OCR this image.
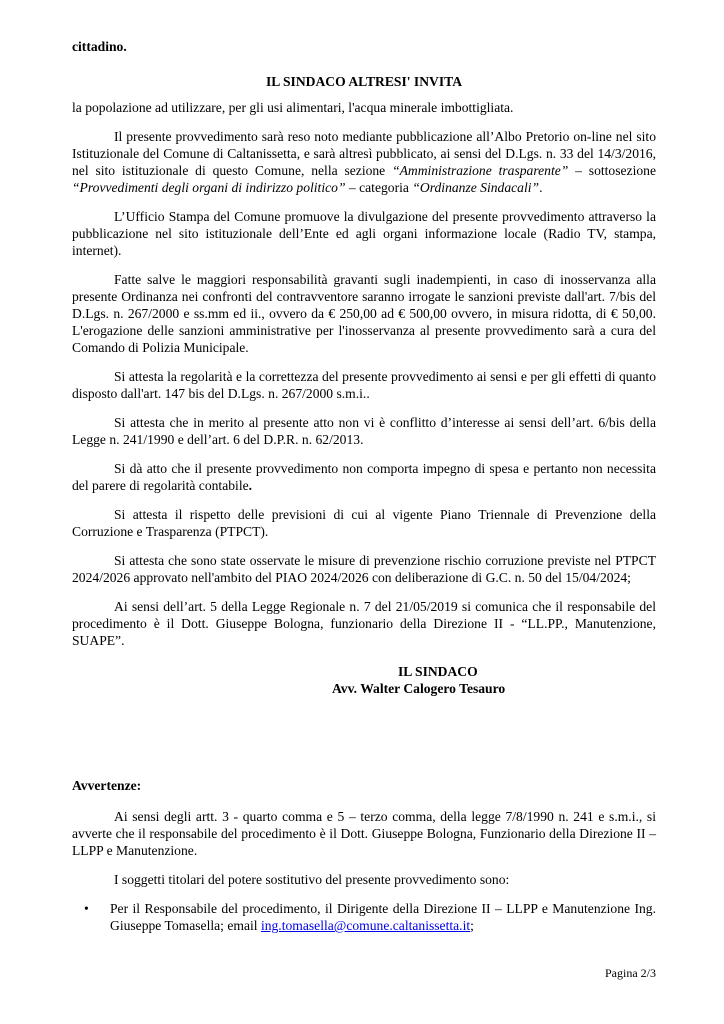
cittadino.
IL SINDACO ALTRESI' INVITA
la popolazione ad utilizzare, per gli usi alimentari, l'acqua minerale imbottigliata.
Il presente provvedimento sarà reso noto mediante pubblicazione all’Albo Pretorio on-line nel sito Istituzionale del Comune di Caltanissetta, e sarà altresì pubblicato, ai sensi del D.Lgs. n. 33 del 14/3/2016, nel sito istituzionale di questo Comune, nella sezione “Amministrazione trasparente” – sottosezione “Provvedimenti degli organi di indirizzo politico” – categoria “Ordinanze Sindacali”.
L’Ufficio Stampa del Comune promuove la divulgazione del presente provvedimento attraverso la pubblicazione nel sito istituzionale dell’Ente ed agli organi informazione locale (Radio TV, stampa, internet).
Fatte salve le maggiori responsabilità gravanti sugli inadempienti, in caso di inosservanza alla presente Ordinanza nei confronti del contravventore saranno irrogate le sanzioni previste dall'art. 7/bis del D.Lgs. n. 267/2000 e ss.mm ed ii., ovvero da € 250,00 ad € 500,00 ovvero, in misura ridotta, di € 50,00. L'erogazione delle sanzioni amministrative per l'inosservanza al presente provvedimento sarà a cura del Comando di Polizia Municipale.
Si attesta la regolarità e la correttezza del presente provvedimento ai sensi e per gli effetti di quanto disposto dall'art. 147 bis del D.Lgs. n. 267/2000 s.m.i..
Si attesta che in merito al presente atto non vi è conflitto d’interesse ai sensi dell’art. 6/bis della Legge n. 241/1990 e dell’art. 6 del D.P.R. n. 62/2013.
Si dà atto che il presente provvedimento non comporta impegno di spesa e pertanto non necessita del parere di regolarità contabile.
Si attesta il rispetto delle previsioni di cui al vigente Piano Triennale di Prevenzione della Corruzione e Trasparenza (PTPCT).
Si attesta che sono state osservate le misure di prevenzione rischio corruzione previste nel PTPCT 2024/2026 approvato nell'ambito del PIAO 2024/2026 con deliberazione di G.C. n. 50 del 15/04/2024;
Ai sensi dell’art. 5 della Legge Regionale n. 7 del 21/05/2019 si comunica che il responsabile del procedimento è il Dott. Giuseppe Bologna, funzionario della Direzione II - “LL.PP., Manutenzione, SUAPE”.
IL SINDACO
Avv. Walter Calogero Tesauro
Avvertenze:
Ai sensi degli artt. 3 - quarto comma e 5 – terzo comma, della legge 7/8/1990 n. 241 e s.m.i., si avverte che il responsabile del procedimento è il Dott. Giuseppe Bologna, Funzionario della Direzione II – LLPP e Manutenzione.
I soggetti titolari del potere sostitutivo del presente provvedimento sono:
•	Per il Responsabile del procedimento, il Dirigente della Direzione II – LLPP e Manutenzione Ing. Giuseppe Tomasella; email ing.tomasella@comune.caltanissetta.it;
Pagina 2/3
